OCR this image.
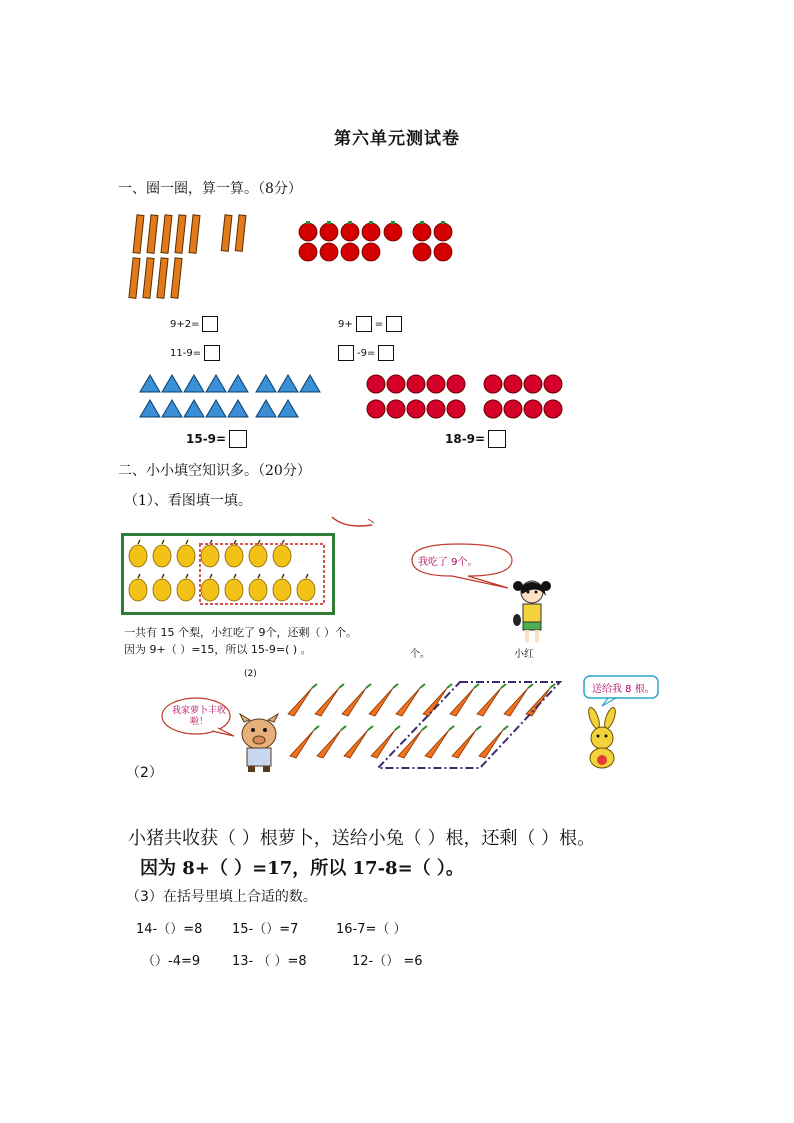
第六单元测试卷
一、圈一圈，算一算。（8分）
9+2=	9+ =
11-9=	-9=
15-9=	18-9=
二、小小填空知识多。（20分）
（1）、看图填一填。
我吃了 9个。
一共有 15 个梨，小红吃了 9个，还剩（ ）个。
因为 9+（ ）=15，所以 15-9=( ) 。	个。	小红
(2)
我家萝卜丰收啦！
送给我 8 根。
（2）
小猪共收获（ ）根萝卜，送给小兔（ ）根，还剩（ ）根。
因为 8+（ ）=17，所以 17-8=（ ）。
（3）在括号里填上合适的数。
14-（）=8 15-（）=7	16-7=（ ）
（）-4=9 13- （ ）=8	12-（） =6
